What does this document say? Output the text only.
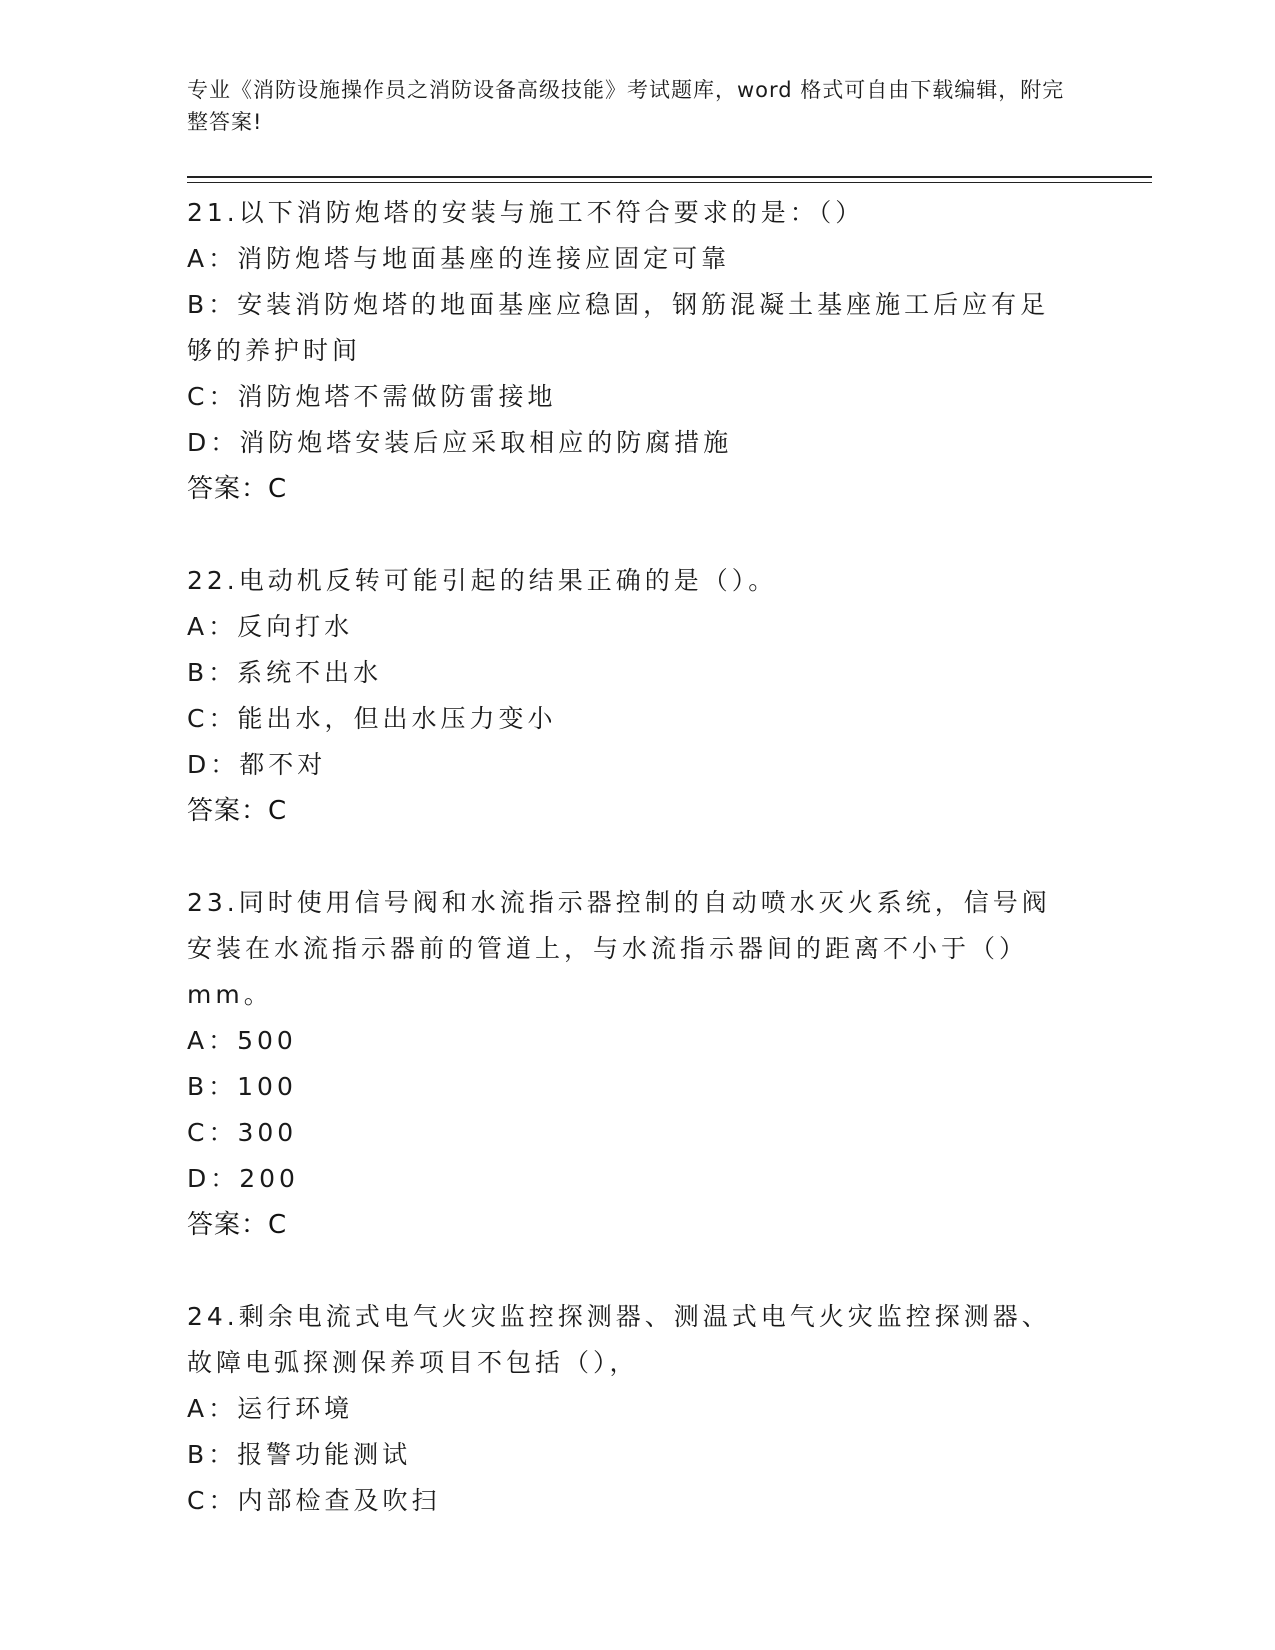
专业《消防设施操作员之消防设备高级技能》考试题库，word 格式可自由下载编辑，附完整答案!
21.以下消防炮塔的安装与施工不符合要求的是：（）
A：消防炮塔与地面基座的连接应固定可靠
B：安装消防炮塔的地面基座应稳固，钢筋混凝土基座施工后应有足够的养护时间
C：消防炮塔不需做防雷接地
D：消防炮塔安装后应采取相应的防腐措施
答案：C
22.电动机反转可能引起的结果正确的是（）。
A：反向打水
B：系统不出水
C：能出水，但出水压力变小
D：都不对
答案：C
23.同时使用信号阀和水流指示器控制的自动喷水灭火系统，信号阀安装在水流指示器前的管道上，与水流指示器间的距离不小于（）mm。
A：500
B：100
C：300
D：200
答案：C
24.剩余电流式电气火灾监控探测器、测温式电气火灾监控探测器、故障电弧探测保养项目不包括（），
A：运行环境
B：报警功能测试
C：内部检查及吹扫
